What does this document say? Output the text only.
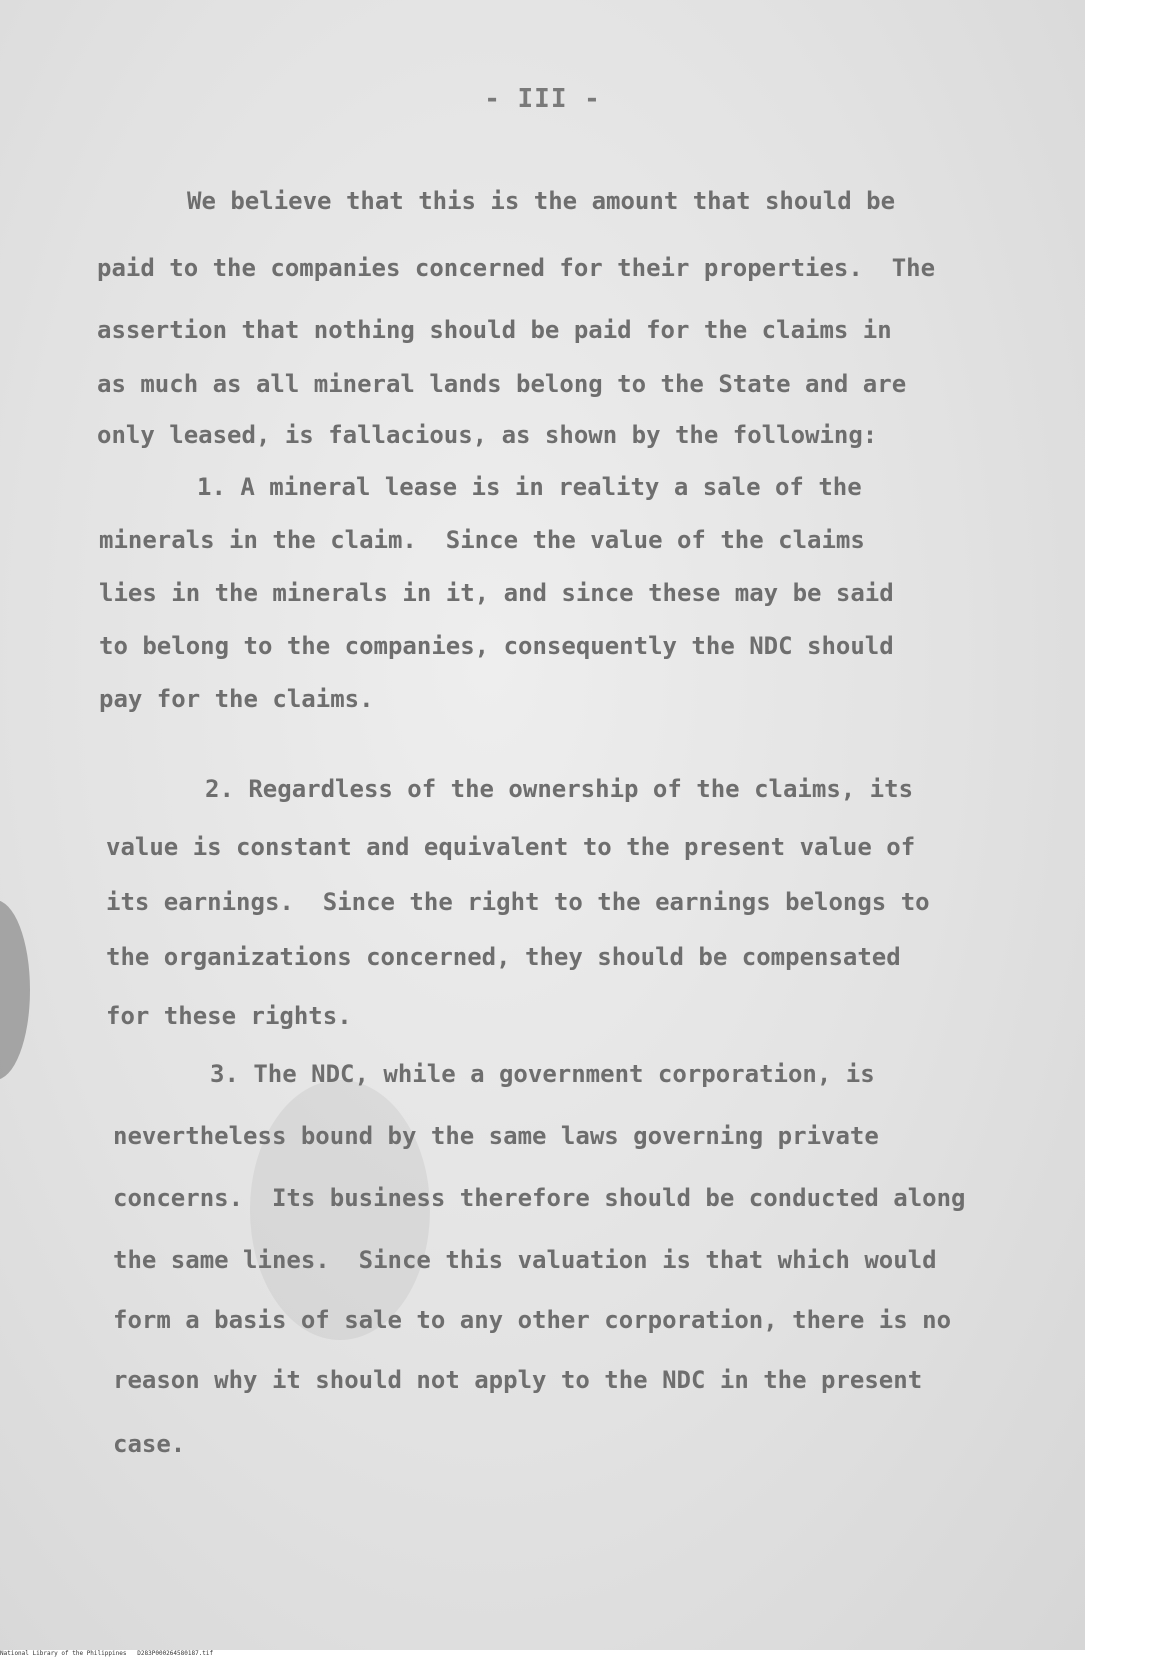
- III -
We believe that this is the amount that should be
paid to the companies concerned for their properties.  The
assertion that nothing should be paid for the claims in
as much as all mineral lands belong to the State and are
only leased, is fallacious, as shown by the following:
1. A mineral lease is in reality a sale of the
minerals in the claim.  Since the value of the claims
lies in the minerals in it, and since these may be said
to belong to the companies, consequently the NDC should
pay for the claims.
2. Regardless of the ownership of the claims, its
value is constant and equivalent to the present value of
its earnings.  Since the right to the earnings belongs to
the organizations concerned, they should be compensated
for these rights.
3. The NDC, while a government corporation, is
nevertheless bound by the same laws governing private
concerns.  Its business therefore should be conducted along
the same lines.  Since this valuation is that which would
form a basis of sale to any other corporation, there is no
reason why it should not apply to the NDC in the present
case.
National Library of the Philippines D283P000264580187.tif
